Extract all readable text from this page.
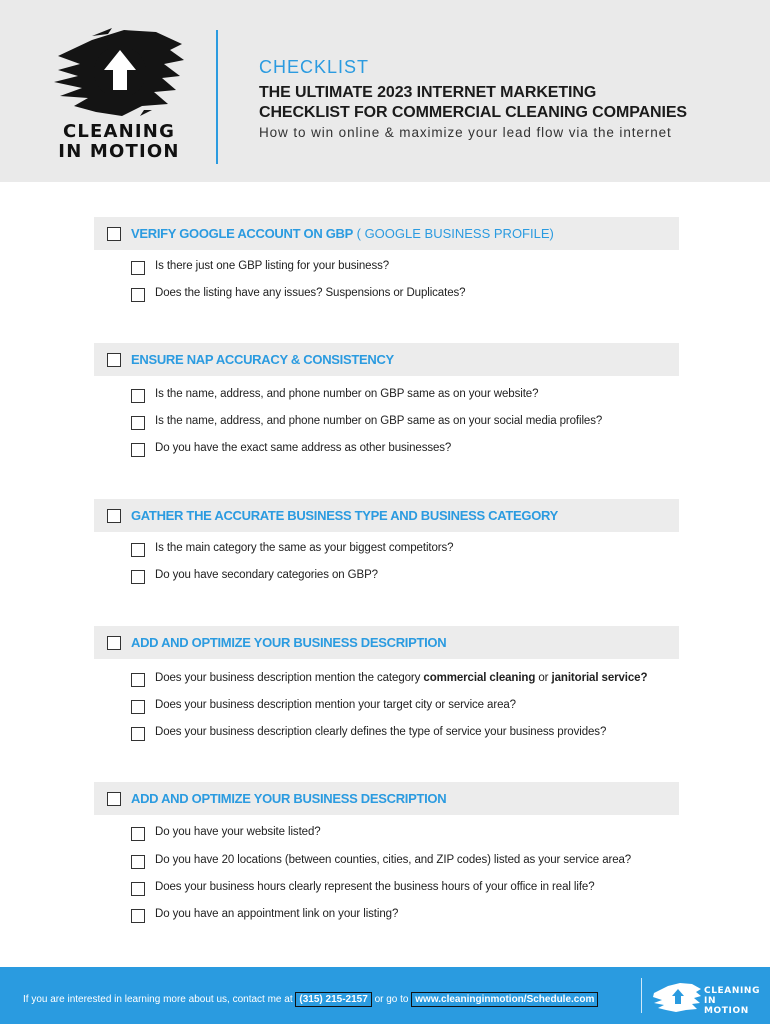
CLEANING
IN MOTION
CHECKLIST
THE ULTIMATE 2023 INTERNET MARKETING
CHECKLIST FOR COMMERCIAL CLEANING COMPANIES
How to win online & maximize your lead flow via the internet
VERIFY GOOGLE ACCOUNT ON GBP ( GOOGLE BUSINESS PROFILE)
Is there just one GBP listing for your business?
Does the listing have any issues? Suspensions or Duplicates?
ENSURE NAP ACCURACY & CONSISTENCY
Is the name, address, and phone number on GBP same as on your website?
Is the name, address, and phone number on GBP same as on your social media profiles?
Do you have the exact same address as other businesses?
GATHER THE ACCURATE BUSINESS TYPE AND BUSINESS CATEGORY
Is the main category the same as your biggest competitors?
Do you have secondary categories on GBP?
ADD AND OPTIMIZE YOUR BUSINESS DESCRIPTION
Does your business description mention the category commercial cleaning or janitorial service?
Does your business description mention your target city or service area?
Does your business description clearly defines the type of service your business provides?
ADD AND OPTIMIZE YOUR BUSINESS DESCRIPTION
Do you have your website listed?
Do you have 20 locations (between counties, cities, and ZIP codes) listed as your service area?
Does your business hours clearly represent the business hours of your office in real life?
Do you have an appointment link on your listing?
If you are interested in learning more about us, contact me at (315) 215-2157 or go to www.cleaninginmotion/Schedule.com
CLEANING
IN MOTION
